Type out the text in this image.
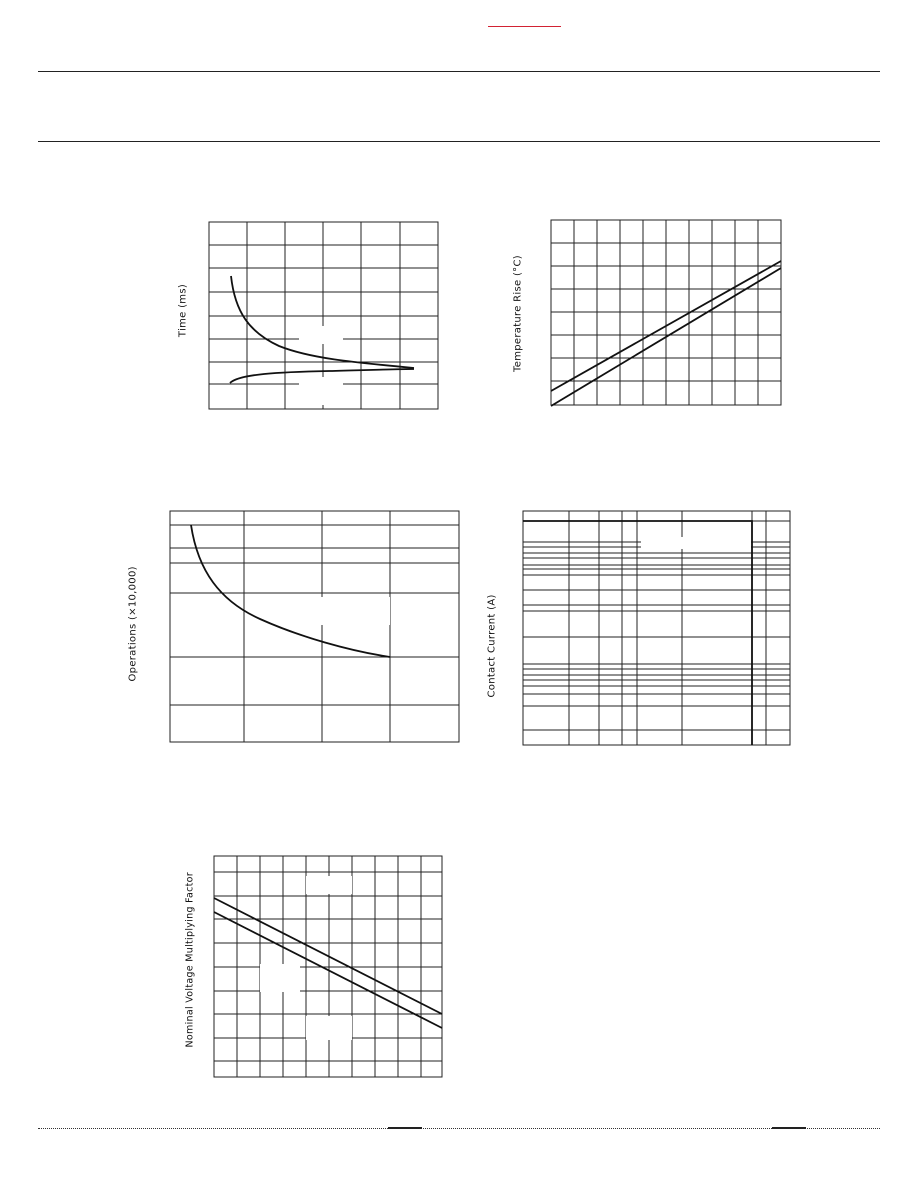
Time (ms)	Temperature Rise (°C)
Operations (×10,000)	Contact Current (A)
Nominal Voltage Multiplying Factor
